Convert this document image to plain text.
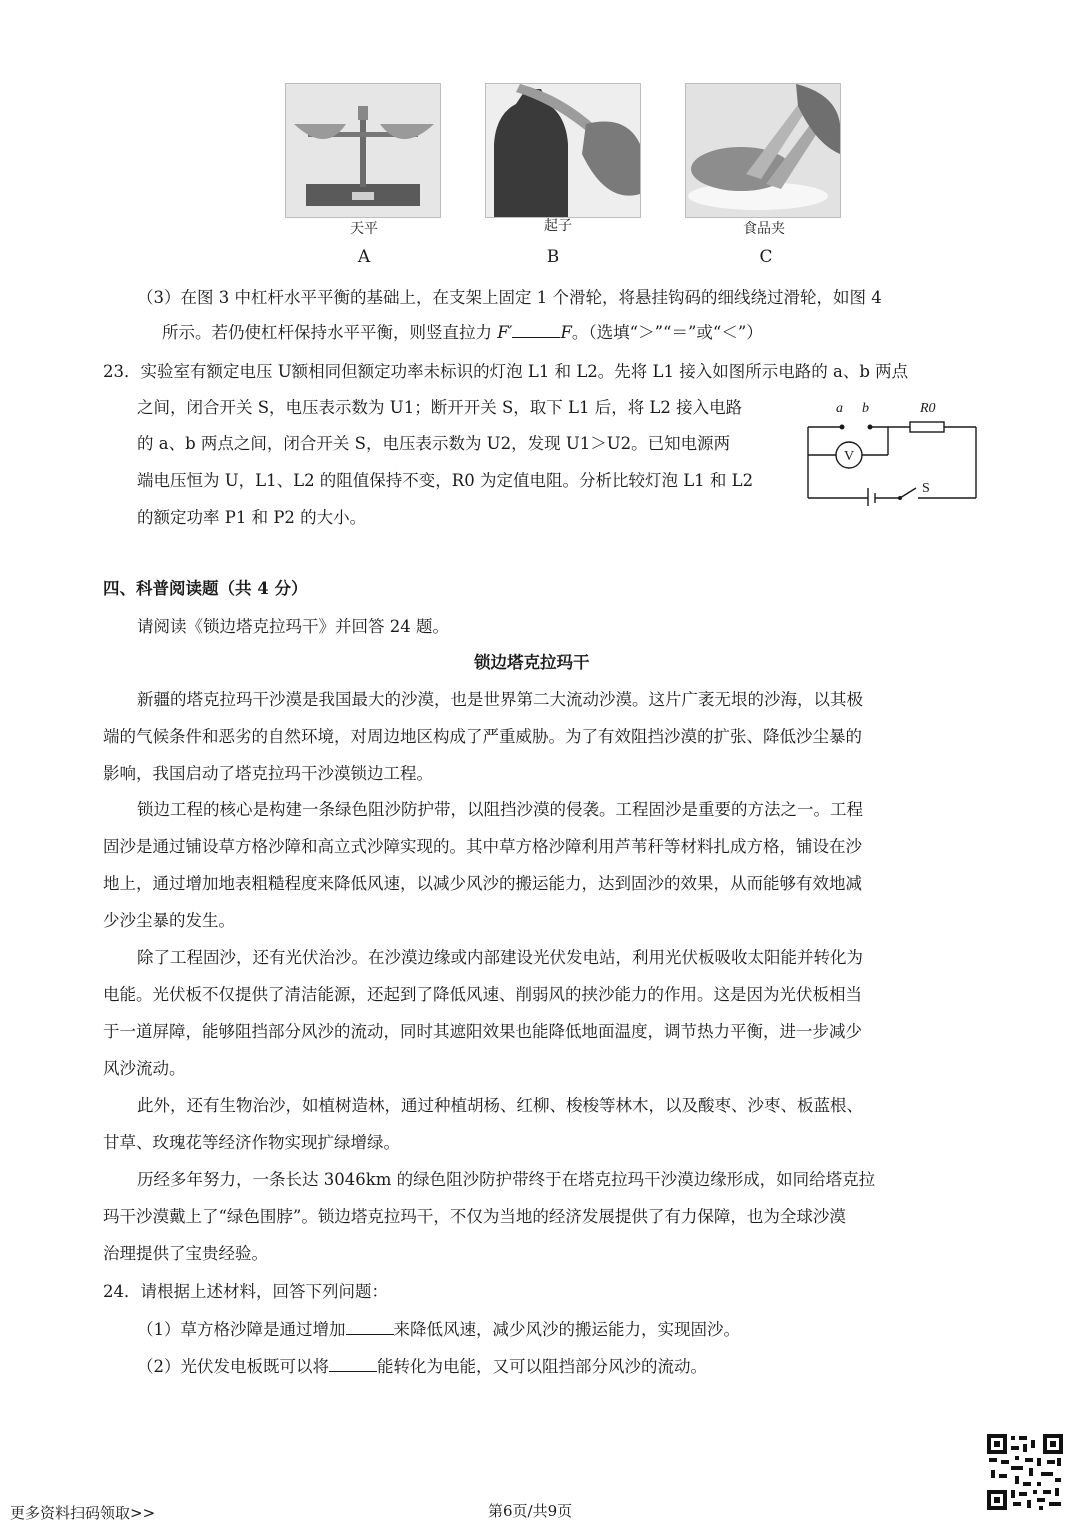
天平	起子	食品夹
A	B	C
（3）在图 3 中杠杆水平平衡的基础上，在支架上固定 1 个滑轮，将悬挂钩码的细线绕过滑轮，如图 4
所示。若仍使杠杆保持水平平衡，则竖直拉力 F′	F。（选填“＞”“＝”或“＜”）
23．实验室有额定电压 U额相同但额定功率未标识的灯泡 L1 和 L2。先将 L1 接入如图所示电路的 a、b 两点
之间，闭合开关 S，电压表示数为 U1；断开开关 S，取下 L1 后，将 L2 接入电路
的 a、b 两点之间，闭合开关 S，电压表示数为 U2，发现 U1＞U2。已知电源两
端电压恒为 U，L1、L2 的阻值保持不变，R0 为定值电阻。分析比较灯泡 L1 和 L2
的额定功率 P1 和 P2 的大小。
a b	R0
V
S
四、科普阅读题（共 4 分）
请阅读《锁边塔克拉玛干》并回答 24 题。
锁边塔克拉玛干
新疆的塔克拉玛干沙漠是我国最大的沙漠，也是世界第二大流动沙漠。这片广袤无垠的沙海，以其极
端的气候条件和恶劣的自然环境，对周边地区构成了严重威胁。为了有效阻挡沙漠的扩张、降低沙尘暴的
影响，我国启动了塔克拉玛干沙漠锁边工程。
锁边工程的核心是构建一条绿色阻沙防护带，以阻挡沙漠的侵袭。工程固沙是重要的方法之一。工程
固沙是通过铺设草方格沙障和高立式沙障实现的。其中草方格沙障利用芦苇秆等材料扎成方格，铺设在沙
地上，通过增加地表粗糙程度来降低风速，以减少风沙的搬运能力，达到固沙的效果，从而能够有效地减
少沙尘暴的发生。
除了工程固沙，还有光伏治沙。在沙漠边缘或内部建设光伏发电站，利用光伏板吸收太阳能并转化为
电能。光伏板不仅提供了清洁能源，还起到了降低风速、削弱风的挟沙能力的作用。这是因为光伏板相当
于一道屏障，能够阻挡部分风沙的流动，同时其遮阳效果也能降低地面温度，调节热力平衡，进一步减少
风沙流动。
此外，还有生物治沙，如植树造林，通过种植胡杨、红柳、梭梭等林木，以及酸枣、沙枣、板蓝根、
甘草、玫瑰花等经济作物实现扩绿增绿。
历经多年努力，一条长达 3046km 的绿色阻沙防护带终于在塔克拉玛干沙漠边缘形成，如同给塔克拉
玛干沙漠戴上了“绿色围脖”。锁边塔克拉玛干，不仅为当地的经济发展提供了有力保障，也为全球沙漠
治理提供了宝贵经验。
24．请根据上述材料，回答下列问题：
（1）草方格沙障是通过增加	来降低风速，减少风沙的搬运能力，实现固沙。
（2）光伏发电板既可以将	能转化为电能，又可以阻挡部分风沙的流动。
更多资料扫码领取>>	第6页/共9页
